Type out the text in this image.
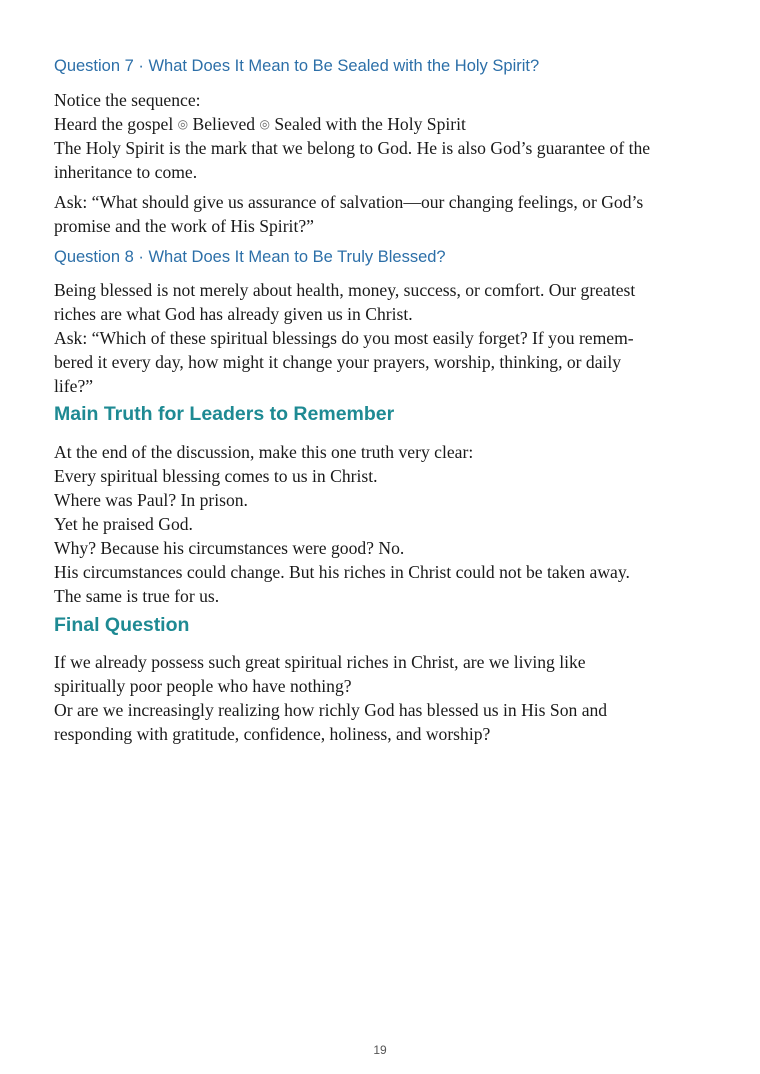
Question 7 · What Does It Mean to Be Sealed with the Holy Spirit?
Notice the sequence:
Heard the gospel ◎ Believed ◎ Sealed with the Holy Spirit
The Holy Spirit is the mark that we belong to God. He is also God’s guarantee of the
inheritance to come.
Ask: “What should give us assurance of salvation—our changing feelings, or God’s
promise and the work of His Spirit?”
Question 8 · What Does It Mean to Be Truly Blessed?
Being blessed is not merely about health, money, success, or comfort. Our greatest
riches are what God has already given us in Christ.
Ask: “Which of these spiritual blessings do you most easily forget? If you remem-
bered it every day, how might it change your prayers, worship, thinking, or daily
life?”
Main Truth for Leaders to Remember
At the end of the discussion, make this one truth very clear:
Every spiritual blessing comes to us in Christ.
Where was Paul? In prison.
Yet he praised God.
Why? Because his circumstances were good? No.
His circumstances could change. But his riches in Christ could not be taken away.
The same is true for us.
Final Question
If we already possess such great spiritual riches in Christ, are we living like
spiritually poor people who have nothing?
Or are we increasingly realizing how richly God has blessed us in His Son and
responding with gratitude, confidence, holiness, and worship?
19
